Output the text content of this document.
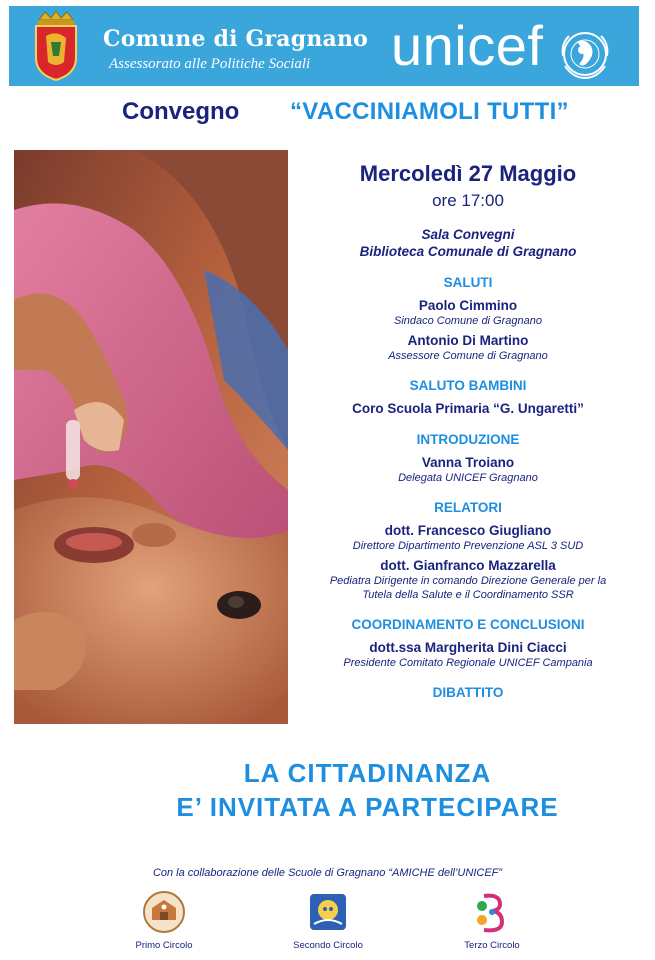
Comune di Gragnano
Assessorato alle Politiche Sociali unicef
Convegno “VACCINIAMOLI TUTTI”
Mercoledì 27 Maggio
ore 17:00
Sala Convegni
Biblioteca Comunale di Gragnano
SALUTI
Paolo Cimmino
Sindaco Comune di Gragnano
Antonio Di Martino
Assessore Comune di Gragnano
SALUTO BAMBINI
Coro Scuola Primaria “G. Ungaretti”
INTRODUZIONE
Vanna Troiano
Delegata UNICEF Gragnano
RELATORI
dott. Francesco Giugliano
Direttore Dipartimento Prevenzione ASL 3 SUD
dott. Gianfranco Mazzarella
Pediatra Dirigente in comando Direzione Generale per la
Tutela della Salute e il Coordinamento SSR
COORDINAMENTO E CONCLUSIONI
dott.ssa Margherita Dini Ciacci
Presidente Comitato Regionale UNICEF Campania
DIBATTITO
LA CITTADINANZA
E’ INVITATA A PARTECIPARE
Con la collaborazione delle Scuole di Gragnano “AMICHE dell’UNICEF”
Primo Circolo	Secondo Circolo	Terzo Circolo
